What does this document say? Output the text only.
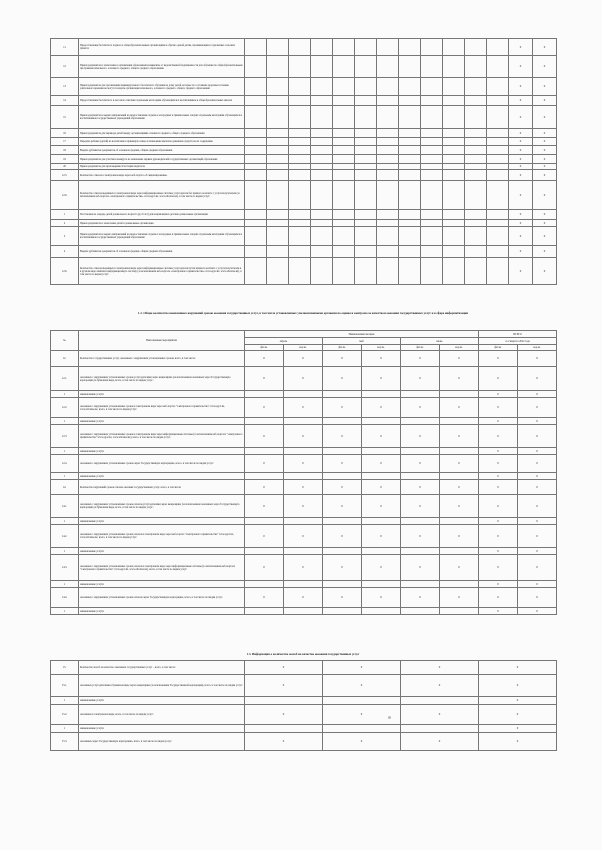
11	Предоставление бесплатного подвоза к общеобразовательным организациям и обратно домой детям, проживающим в отдаленных сельских пунктах													0	0
12	Прием документов и зачисление в организации образования независимо от ведомственной подчиненности для обучения по общеобразовательным программам начального, основного среднего, общего среднего образования													0	0
13	Прием документов для организации индивидуального бесплатного обучения на дому детей, которые по состоянию здоровья в течение длительного времени не могут посещать организации начального, основного среднего, общего среднего образования													0	0
14	Предоставление бесплатного и льготного питания отдельным категориям обучающихся и воспитанников в общеобразовательных школах													0	0
15	Прием документов и выдача направлений на предоставление отдыха в загородных и пришкольных лагерях отдельным категориям обучающихся и воспитанников государственных учреждений образования													0	0
16	Прием документов для перевода детей между организациями основного среднего, общего среднего образования													0	0
17	Передача ребенка (детей) на воспитание в приемную семью и назначение выплаты денежных средств на их содержание													0	0
18	Выдача дубликатов документов об основном среднем, общем среднем образовании													0	0
19	Прием документов для участия в конкурсе на назначение первых руководителей государственных организаций образования													0	0
20	Прием документов для прохождения аттестации педагогов													0	0
12.5.	Количество отказов в электронном виде через веб-портал «Э-лицензирование»													0	0
12.6.	Количество отказов выданных в электронном виде через информационные системы услугодателя без прямого контакта с услугополучателем (за исключением веб-портала «электронного правительства» www.egov.kz, www.elicense.kz), в том числе по видам услуг:													0	0
1	Постановка на очередь детей дошкольного возраста (до 6 лет) для направления в детские дошкольные организации													0	0
2	Прием документов и зачисление детей в дошкольные организации													0	0
3	Прием документов и выдача направлений на предоставление отдыха в загородных и пришкольных лагерях отдельным категориям обучающихся и воспитанников государственных учреждений образования													0	0
4	Выдача дубликатов документов об основном среднем, общем среднем образовании													0	0
12.6.	Количество отказов выданных в электронном виде через информационные системы услугодателя путем прямого контакта с услугополучателем и в ручном виде занятия в информационную систему (за исключением веб-портала «электронного правительства» www.egov.kz, www.elicense.kz), в том числе по видам услуг:													0	0
1-2. Общее количество выявленных нарушений сроков оказания государственных услуг, в том числе установленных уполномоченными органами по оценке и контролю за качеством оказания государственных услуг и в сфере информатизации
№	Выполненные мероприятия	Наименование месяцев						ВСЕГО	
		апрель		май		июнь		за 2 квартал 2022 года	
		фат.зн.	кор.зн.	фат.зн.	кор.зн.	фат.зн.	кор.зн.	фат.зн.	кор.зн.
12.	Количество государственных услуг, оказанных с нарушением установленных сроков, всего, в том числе:	0	0	0	0	0	0	0	0
12.1.	оказанных с нарушением установленных сроков услугодателями через канцелярию (за исключением оказанных через Государственную корпорацию) в бумажном виде, всего, в том числе по видам услуг:	0	0	0	0	0	0	0	0
1	наименование услуги							0	0
12.2.	оказанных с нарушением установленных сроков в электронном виде через веб-портал "электронного правительства" www.egov.kz, www.elicense.kz, всего, в том числе по видам услуг:	0	0	0	0	0	0	0	0
1	наименование услуги							0	0
12.3.	оказанных с нарушением установленных сроков в электронном виде через информационные системы (за исключением веб-портала "электронного правительства" www.egov.kz, www.elicense.kz), всего, в том числе по видам услуг:	0	0	0	0	0	0	0	0
1	наименование услуги							0	0
12.4.	оказанных с нарушением установленных сроков через Государственную корпорацию, всего, в том числе по видам услуг:	0	0	0	0	0	0	0	0
1	наименование услуги							0	0
14.	Количество нарушений сроков отказов оказания государственных услуг, всего, в том числе:	0	0	0	0	0	0	0	0
14.1.	оказанных с нарушением установленных сроков отказов услугодателями через канцелярию (за исключением оказанных через Государственную корпорацию) в бумажном виде, всего, в том числе по видам услуг:	0	0	0	0	0	0	0	0
1	наименование услуги							0	0
14.2.	оказанных с нарушением установленных сроков отказов в электронном виде через веб-портал "электронного правительства" www.egov.kz, www.elicense.kz, всего, в том числе по видам услуг:	0	0	0	0	0	0	0	0
1	наименование услуги							0	0
14.3.	оказанных с нарушением установленных сроков отказов в электронном виде через информационные системы (за исключением веб-портала "электронного правительства" www.egov.kz, www.elicense.kz), всего, в том числе по видам услуг:	0	0	0	0	0	0	0	0
1	наименование услуги							0	0
14.4.	оказанных с нарушением установленных сроков отказов через Государственную корпорацию, всего, в том числе по видам услуг:	0	0	0	0	0	0	0	0
1	наименование услуги							0	0
1.3. Информация о количестве жалоб на качество оказания государственных услуг
15.	Количество жалоб на качество оказанных государственных услуг – всего, в том числе:	0	0	0	0
15.1.	оказанных услугодателями в бумажном виде через канцелярию (за исключением Государственной корпорации), всего, в том числе по видам услуг:	0	0	0	0
1	наименование услуги				0
15.2.	оказанных в электронном виде, всего, в том числе по видам услуг:	0	0	0	0
1	наименование услуги				0
15.3.	оказанных через Государственную корпорацию, всего, в том числе по видам услуг:	0	0	0	0
